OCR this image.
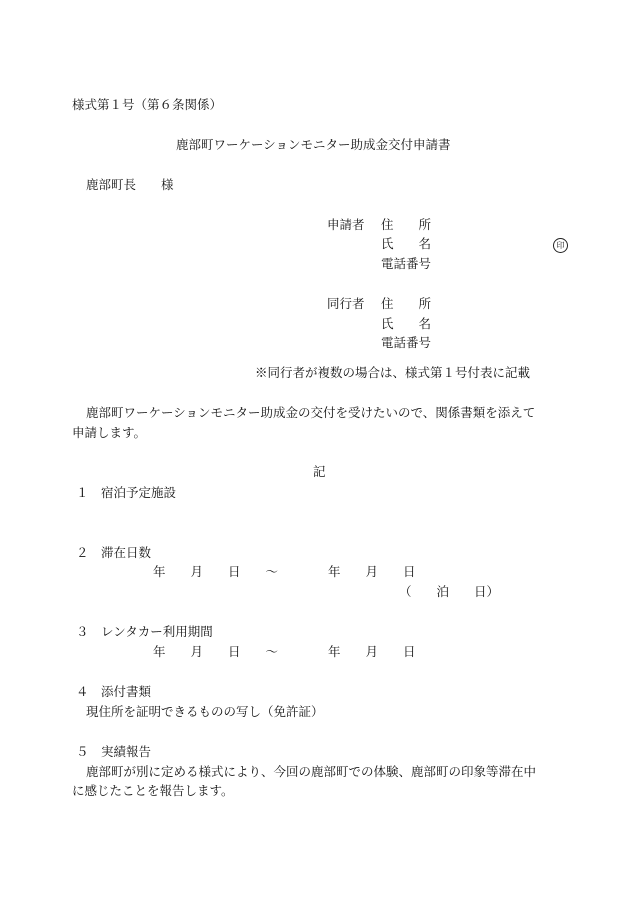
様式第１号（第６条関係）
鹿部町ワーケーションモニター助成金交付申請書
鹿部町長　　様
申請者 住　　所
氏　　名	印
電話番号
同行者 住　　所
氏　　名
電話番号
※同行者が複数の場合は、様式第１号付表に記載
鹿部町ワーケーションモニター助成金の交付を受けたいので、関係書類を添えて
申請します。
記
１　宿泊予定施設
２　滞在日数
年　　月　　日　　～　　　　年　　月　　日
（　　泊　　日）
３　レンタカー利用期間
年　　月　　日　　～　　　　年　　月　　日
４　添付書類
現住所を証明できるものの写し（免許証）
５　実績報告
鹿部町が別に定める様式により、今回の鹿部町での体験、鹿部町の印象等滞在中
に感じたことを報告します。
